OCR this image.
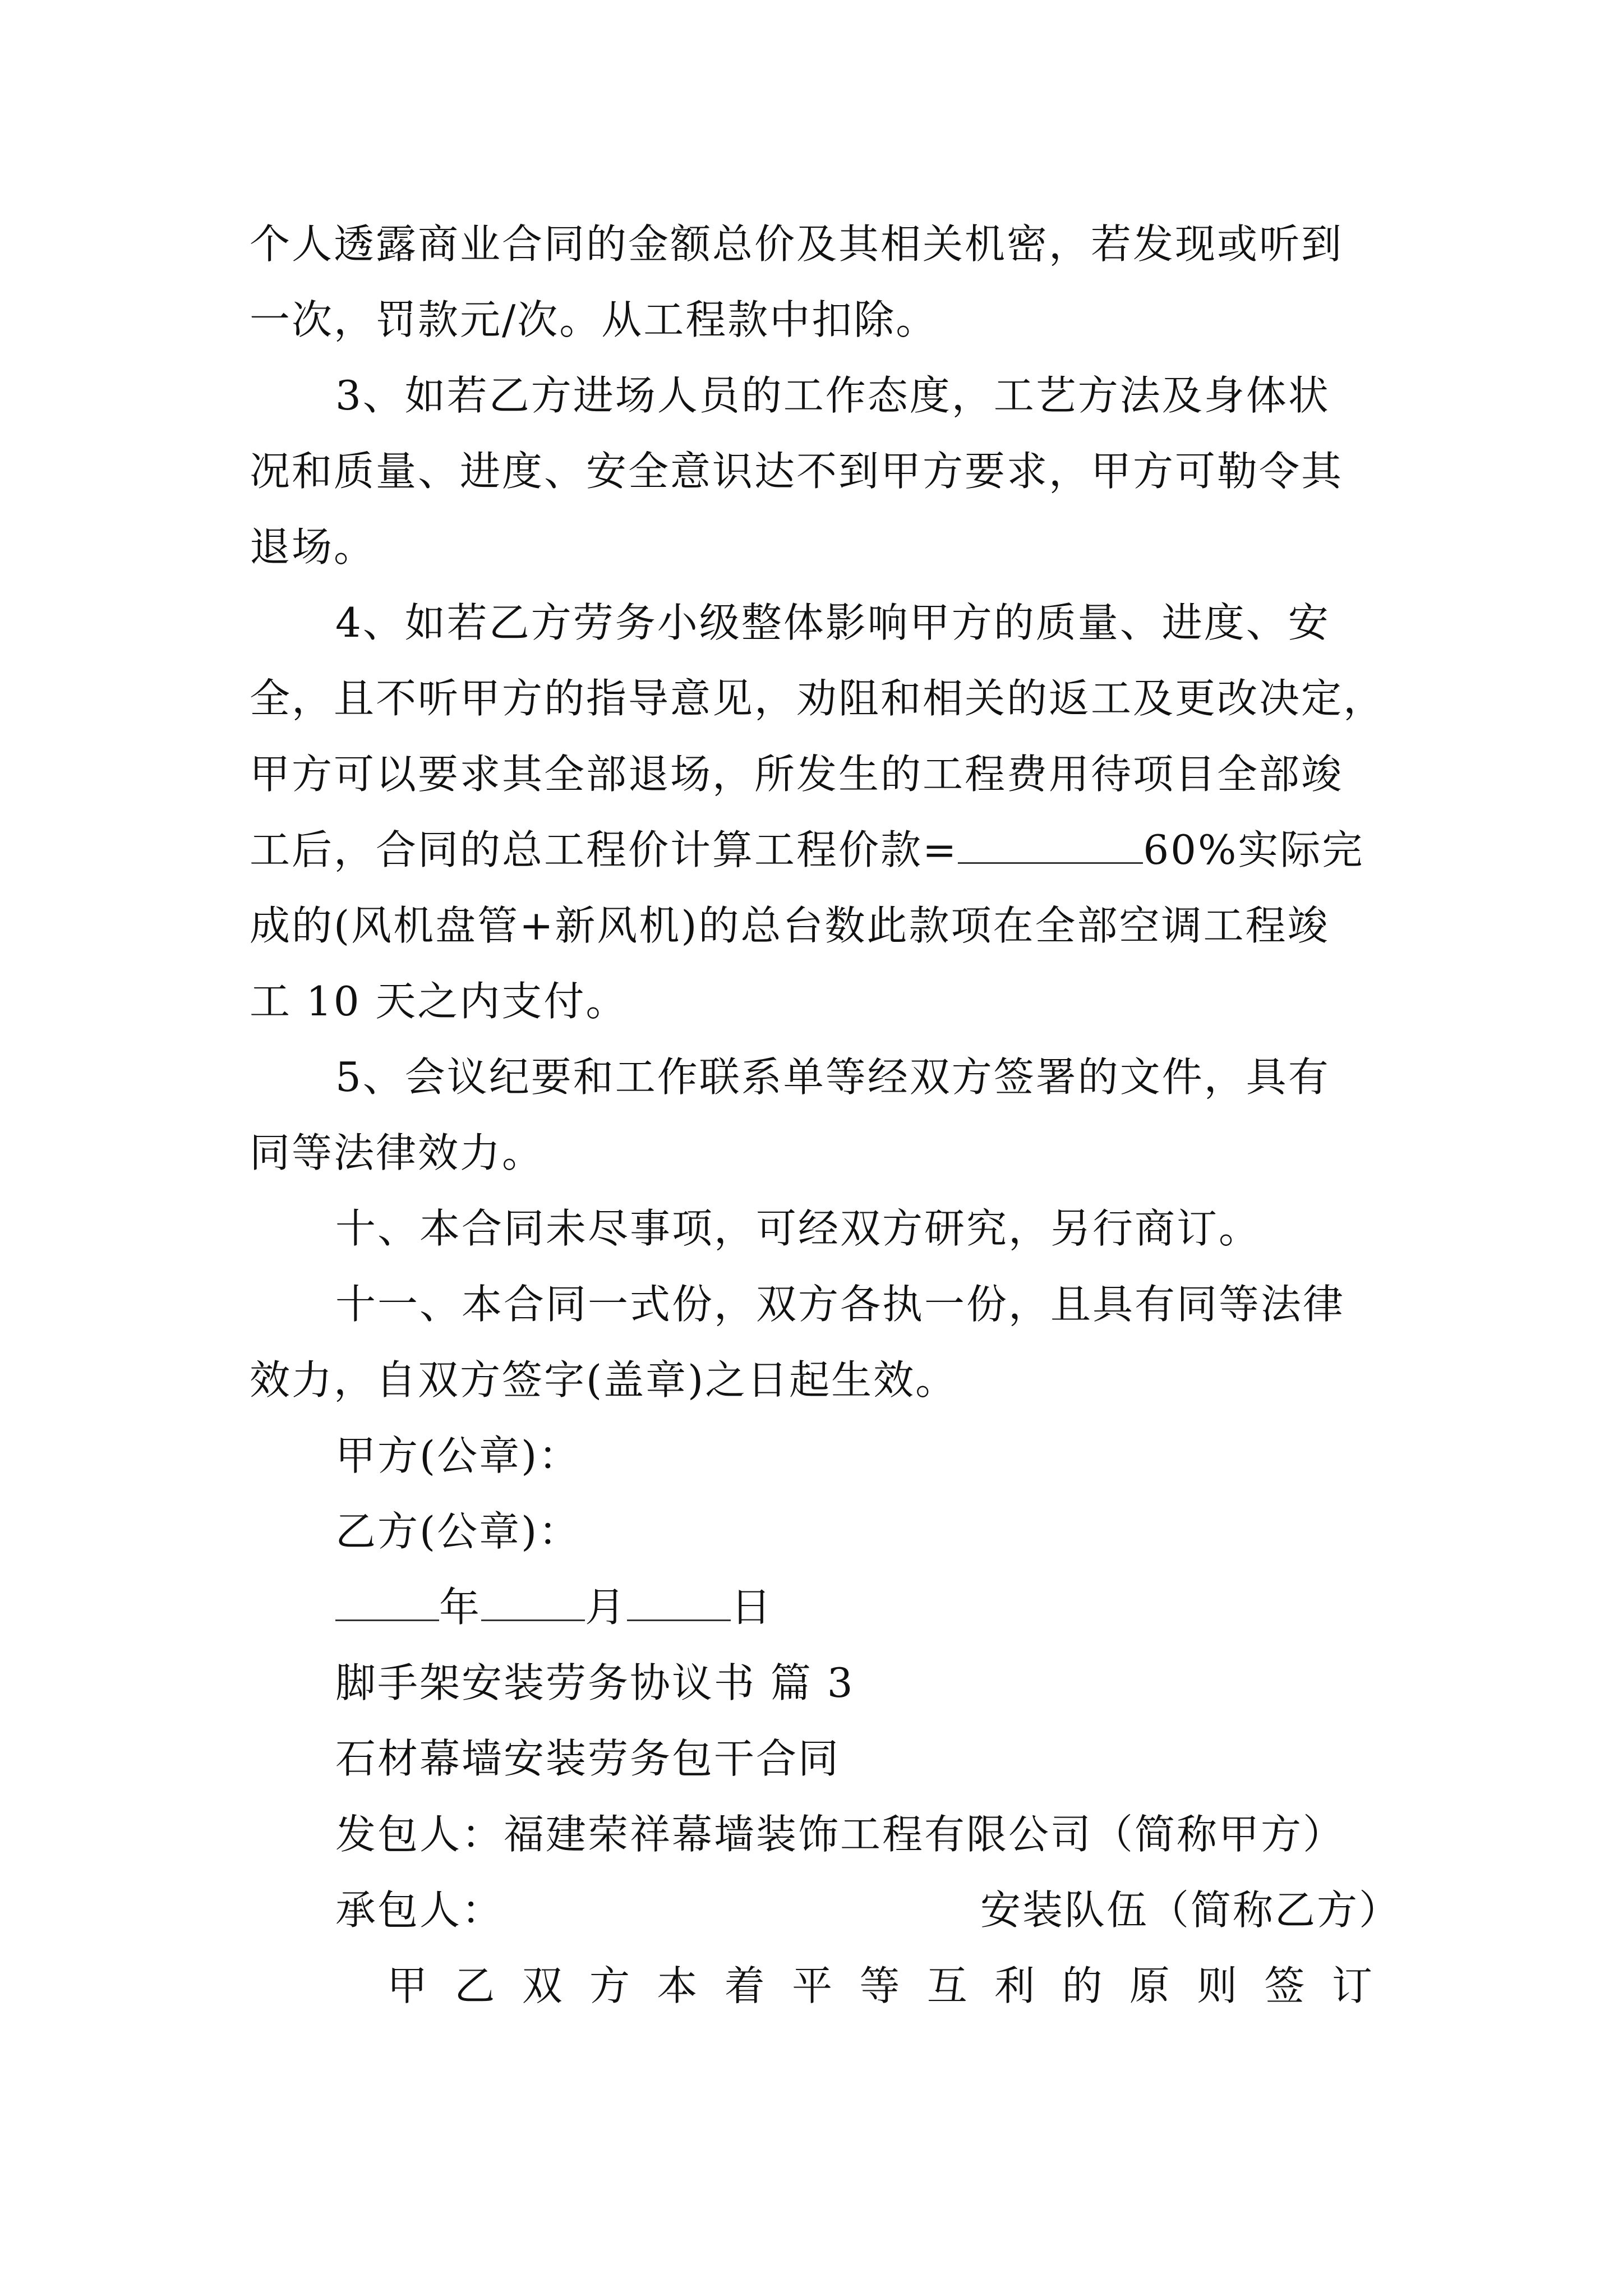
个人透露商业合同的金额总价及其相关机密，若发现或听到
一次，罚款元/次。从工程款中扣除。
3、如若乙方进场人员的工作态度，工艺方法及身体状
况和质量、进度、安全意识达不到甲方要求，甲方可勒令其
退场。
4、如若乙方劳务小级整体影响甲方的质量、进度、安
全，且不听甲方的指导意见，劝阻和相关的返工及更改决定，
甲方可以要求其全部退场，所发生的工程费用待项目全部竣
工后，合同的总工程价计算工程价款=	60%实际完
成的(风机盘管+新风机)的总台数此款项在全部空调工程竣
工 10 天之内支付。
5、会议纪要和工作联系单等经双方签署的文件，具有
同等法律效力。
十、本合同未尽事项，可经双方研究，另行商订。
十一、本合同一式份，双方各执一份，且具有同等法律
效力，自双方签字(盖章)之日起生效。
甲方(公章)：
乙方(公章)：
年	月	日
脚手架安装劳务协议书 篇 3
石材幕墙安装劳务包干合同
发包人：福建荣祥幕墙装饰工程有限公司（简称甲方）
承包人：	安装队伍（简称乙方）
甲 乙 双 方 本 着 平 等 互 利 的 原 则 签 订
